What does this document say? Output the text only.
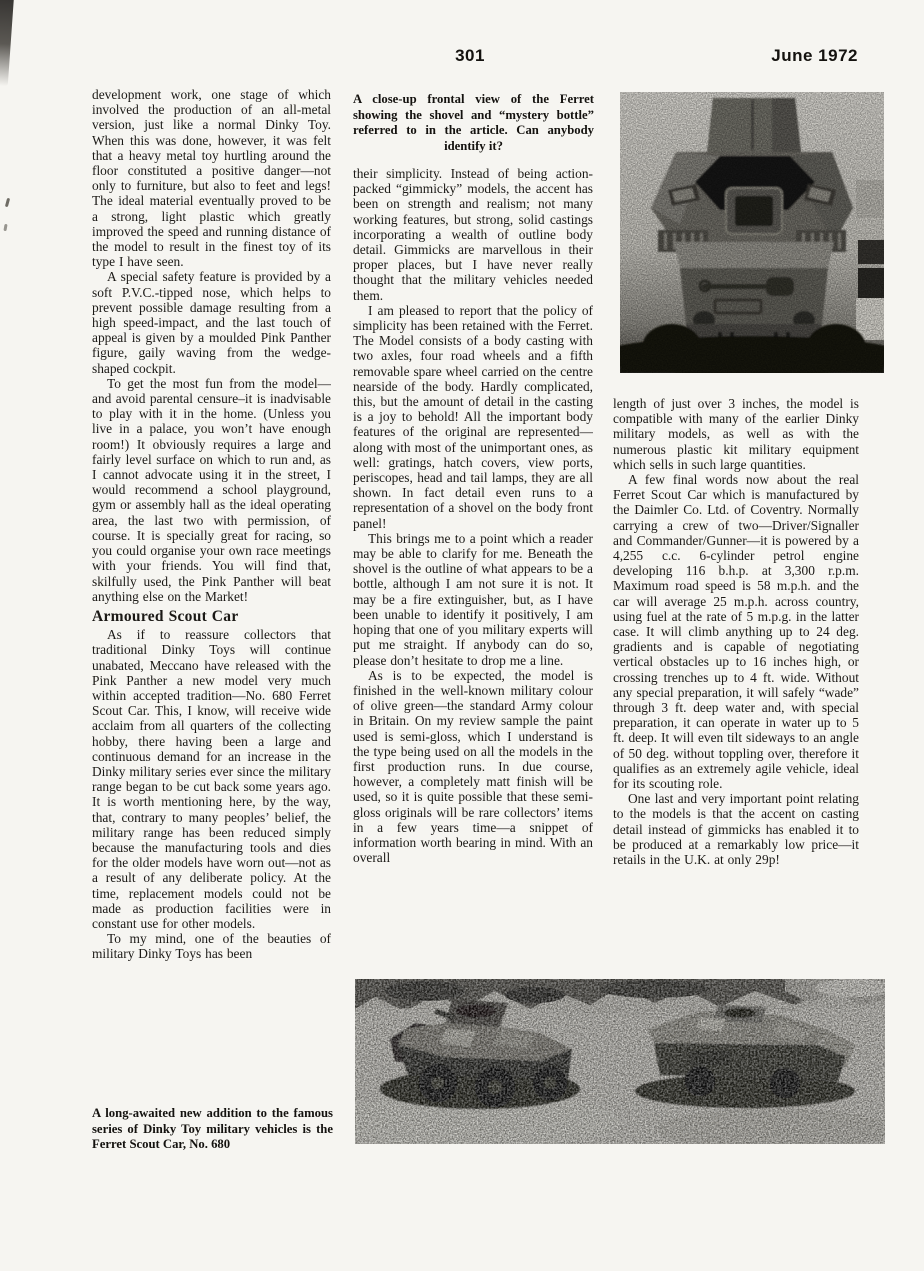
301	June 1972

development work, one stage of which involved the production of an all-metal version, just like a normal Dinky Toy. When this was done, however, it was felt that a heavy metal toy hurtling around the floor constituted a positive danger—not only to furniture, but also to feet and legs! The ideal material eventually proved to be a strong, light plastic which greatly improved the speed and running distance of the model to result in the finest toy of its type I have seen.

A special safety feature is provided by a soft P.V.C.-tipped nose, which helps to prevent possible damage resulting from a high speed-impact, and the last touch of appeal is given by a moulded Pink Panther figure, gaily waving from the wedge-shaped cockpit.

To get the most fun from the model—and avoid parental censure–it is inadvisable to play with it in the home. (Unless you live in a palace, you won’t have enough room!) It obviously requires a large and fairly level surface on which to run and, as I cannot advocate using it in the street, I would recommend a school playground, gym or assembly hall as the ideal operating area, the last two with permission, of course. It is specially great for racing, so you could organise your own race meetings with your friends. You will find that, skilfully used, the Pink Panther will beat anything else on the Market!

Armoured Scout Car

As if to reassure collectors that traditional Dinky Toys will continue unabated, Meccano have released with the Pink Panther a new model very much within accepted tradition—No. 680 Ferret Scout Car. This, I know, will receive wide acclaim from all quarters of the collecting hobby, there having been a large and continuous demand for an increase in the Dinky military series ever since the military range began to be cut back some years ago. It is worth mentioning here, by the way, that, contrary to many peoples’ belief, the military range has been reduced simply because the manufacturing tools and dies for the older models have worn out—not as a result of any deliberate policy. At the time, replacement models could not be made as production facilities were in constant use for other models.

To my mind, one of the beauties of military Dinky Toys has been

A long-awaited new addition to the famous series of Dinky Toy military vehicles is the Ferret Scout Car, No. 680
A close-up frontal view of the Ferret showing the shovel and “mystery bottle” referred to in the article. Can anybody identify it?

their simplicity. Instead of being action-packed “gimmicky” models, the accent has been on strength and realism; not many working features, but strong, solid castings incorporating a wealth of outline body detail. Gimmicks are marvellous in their proper places, but I have never really thought that the military vehicles needed them.

I am pleased to report that the policy of simplicity has been retained with the Ferret. The Model consists of a body casting with two axles, four road wheels and a fifth removable spare wheel carried on the centre nearside of the body. Hardly complicated, this, but the amount of detail in the casting is a joy to behold! All the important body features of the original are represented—along with most of the unimportant ones, as well: gratings, hatch covers, view ports, periscopes, head and tail lamps, they are all shown. In fact detail even runs to a representation of a shovel on the body front panel!

This brings me to a point which a reader may be able to clarify for me. Beneath the shovel is the outline of what appears to be a bottle, although I am not sure it is not. It may be a fire extinguisher, but, as I have been unable to identify it positively, I am hoping that one of you military experts will put me straight. If anybody can do so, please don’t hesitate to drop me a line.

As is to be expected, the model is finished in the well-known military colour of olive green—the standard Army colour in Britain. On my review sample the paint used is semi-gloss, which I understand is the type being used on all the models in the first production runs. In due course, however, a completely matt finish will be used, so it is quite possible that these semi-gloss originals will be rare collectors’ items in a few years time—a snippet of information worth bearing in mind. With an overall

length of just over 3 inches, the model is compatible with many of the earlier Dinky military models, as well as with the numerous plastic kit military equipment which sells in such large quantities.

A few final words now about the real Ferret Scout Car which is manufactured by the Daimler Co. Ltd. of Coventry. Normally carrying a crew of two—Driver/Signaller and Commander/Gunner—it is powered by a 4,255 c.c. 6-cylinder petrol engine developing 116 b.h.p. at 3,300 r.p.m. Maximum road speed is 58 m.p.h. and the car will average 25 m.p.h. across country, using fuel at the rate of 5 m.p.g. in the latter case. It will climb anything up to 24 deg. gradients and is capable of negotiating vertical obstacles up to 16 inches high, or crossing trenches up to 4 ft. wide. Without any special preparation, it will safely “wade” through 3 ft. deep water and, with special preparation, it can operate in water up to 5 ft. deep. It will even tilt sideways to an angle of 50 deg. without toppling over, therefore it qualifies as an extremely agile vehicle, ideal for its scouting role.

One last and very important point relating to the models is that the accent on casting detail instead of gimmicks has enabled it to be produced at a remarkably low price—it retails in the U.K. at only 29p!
